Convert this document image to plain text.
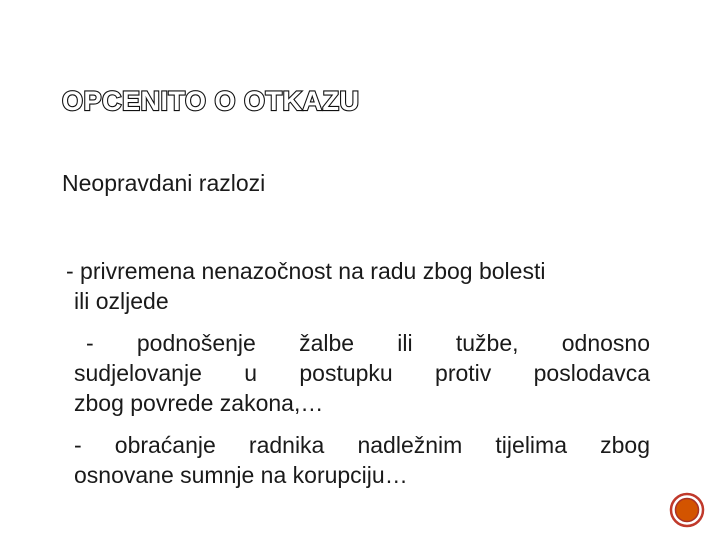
OPCENITO O OTKAZU
Neopravdani razlozi
- privremena nenazočnost na radu zbog bolesti
ili ozljede
- podnošenje žalbe ili tužbe, odnosno
sudjelovanje u postupku protiv poslodavca
zbog povrede zakona,…
- obraćanje radnika nadležnim tijelima zbog
osnovane sumnje na korupciju…
